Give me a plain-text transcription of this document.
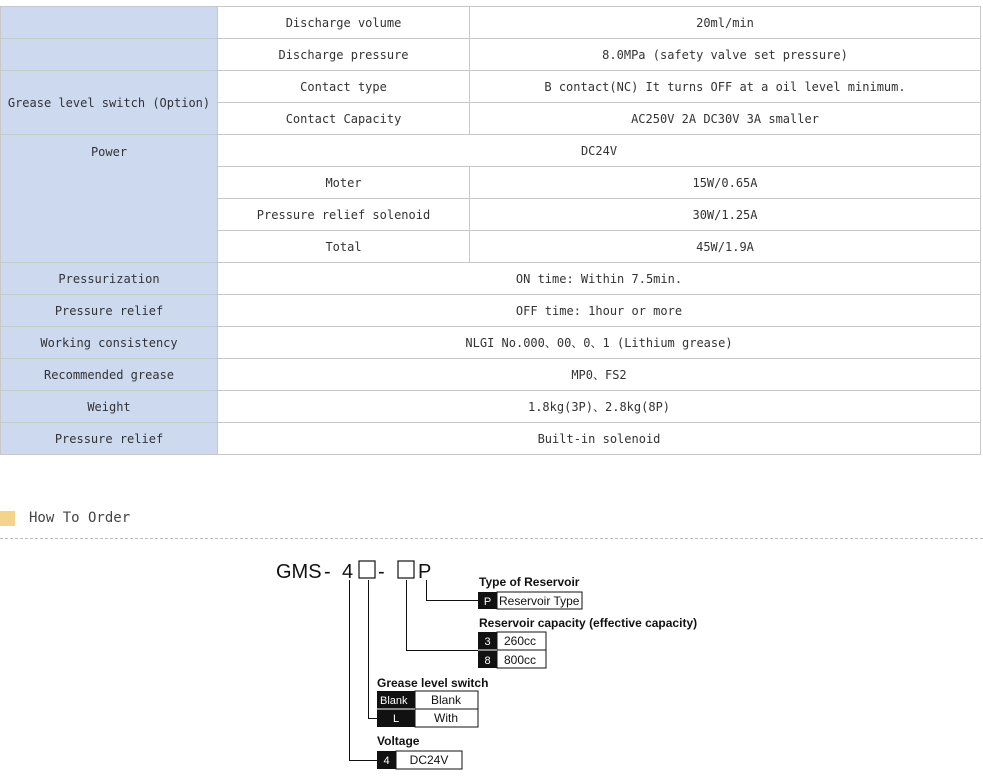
	Discharge volume	20ml/min
	Discharge pressure	8.0MPa (safety valve set pressure)
Grease level switch (Option)	Contact type	B contact(NC) It turns OFF at a oil level minimum.
	Contact Capacity	AC250V 2A DC30V 3A smaller
Power	DC24V	
	Moter	15W/0.65A
	Pressure relief solenoid	30W/1.25A
	Total	45W/1.9A
Pressurization	ON time: Within 7.5min.	
Pressure relief	OFF time: 1hour or more	
Working consistency	NLGI No.000、00、0、1 (Lithium grease)	
Recommended grease	MP0、FS2	
Weight	1.8kg(3P)、2.8kg(8P)	
Pressure relief	Built-in solenoid	
How To Order
GMS - 4 - P	Type of Reservoir
P Reservoir Type
Reservoir capacity (effective capacity)
3 260cc
8 800cc
Grease level switch
Blank Blank
L	With
Voltage
4 DC24V
